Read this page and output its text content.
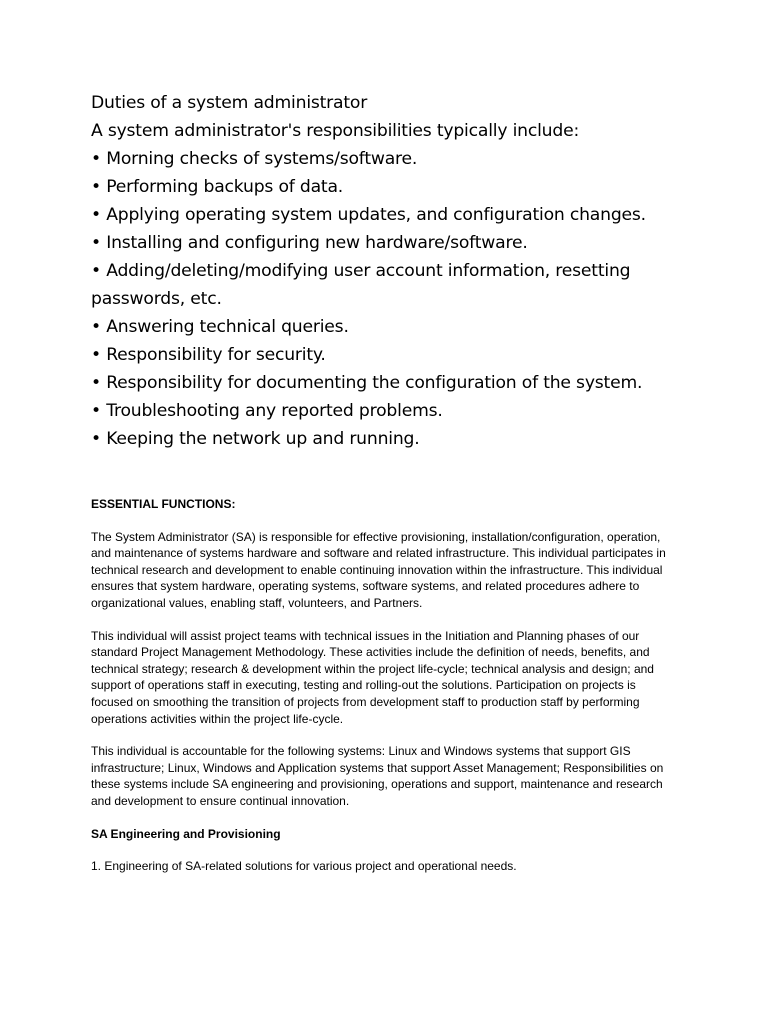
Duties of a system administrator
A system administrator's responsibilities typically include:
• Morning checks of systems/software.
• Performing backups of data.
• Applying operating system updates, and configuration changes.
• Installing and configuring new hardware/software.
• Adding/deleting/modifying user account information, resetting passwords, etc.
• Answering technical queries.
• Responsibility for security.
• Responsibility for documenting the configuration of the system.
• Troubleshooting any reported problems.
• Keeping the network up and running.
ESSENTIAL FUNCTIONS:

The System Administrator (SA) is responsible for effective provisioning, installation/configuration, operation, and maintenance of systems hardware and software and related infrastructure. This individual participates in technical research and development to enable continuing innovation within the infrastructure. This individual ensures that system hardware, operating systems, software systems, and related procedures adhere to organizational values, enabling staff, volunteers, and Partners.

This individual will assist project teams with technical issues in the Initiation and Planning phases of our standard Project Management Methodology. These activities include the definition of needs, benefits, and technical strategy; research & development within the project life-cycle; technical analysis and design; and support of operations staff in executing, testing and rolling-out the solutions. Participation on projects is focused on smoothing the transition of projects from development staff to production staff by performing operations activities within the project life-cycle.

This individual is accountable for the following systems: Linux and Windows systems that support GIS infrastructure; Linux, Windows and Application systems that support Asset Management; Responsibilities on these systems include SA engineering and provisioning, operations and support, maintenance and research and development to ensure continual innovation.

SA Engineering and Provisioning

1. Engineering of SA-related solutions for various project and operational needs.
